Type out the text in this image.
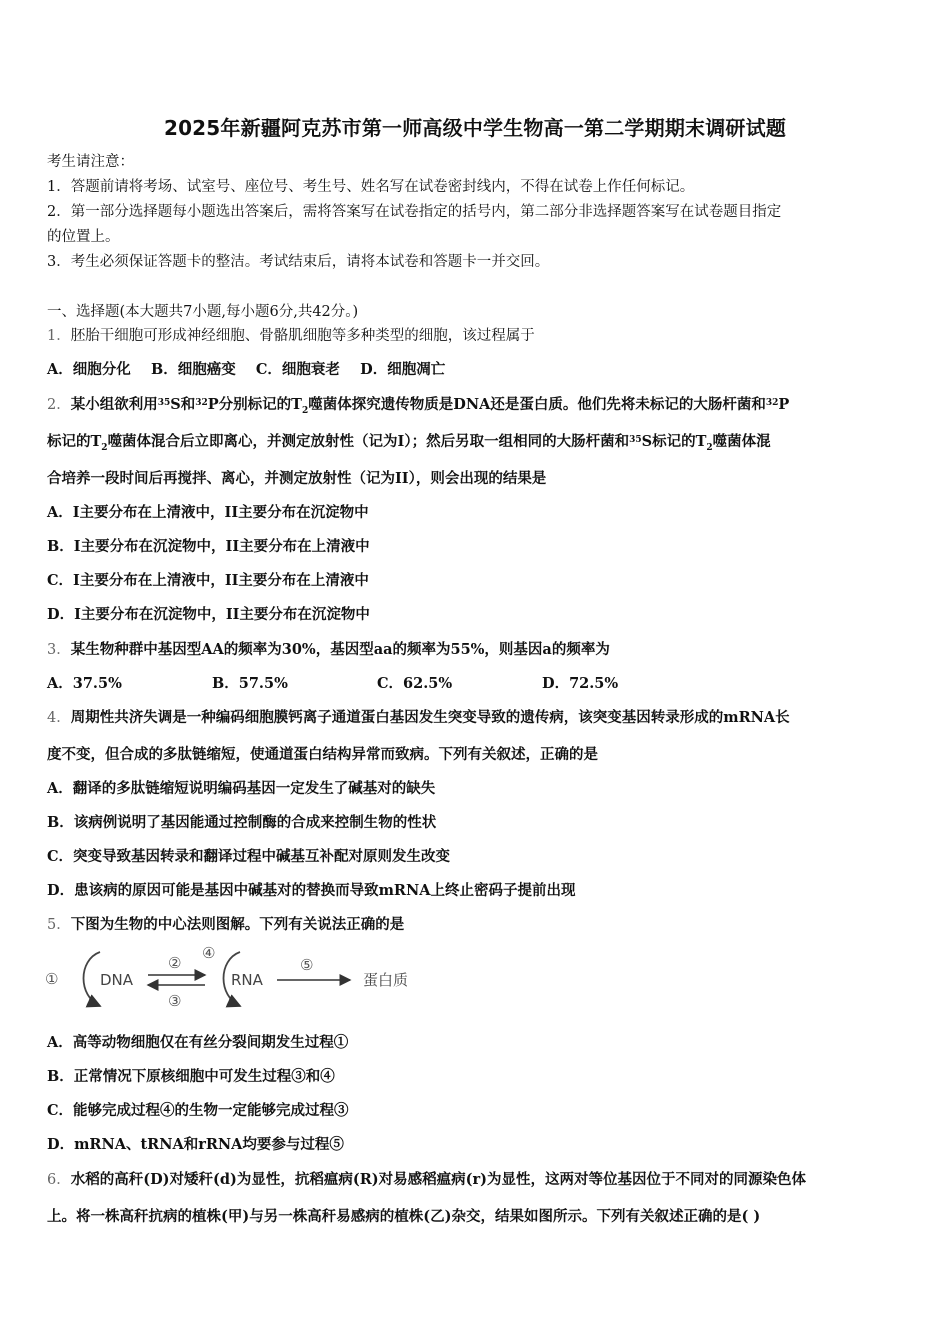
2025年新疆阿克苏市第一师高级中学生物高一第二学期期末调研试题
考生请注意：
1．答题前请将考场、试室号、座位号、考生号、姓名写在试卷密封线内，不得在试卷上作任何标记。
2．第一部分选择题每小题选出答案后，需将答案写在试卷指定的括号内，第二部分非选择题答案写在试卷题目指定
的位置上。
3．考生必须保证答题卡的整洁。考试结束后，请将本试卷和答题卡一并交回。
一、选择题(本大题共7小题,每小题6分,共42分。)
1．胚胎干细胞可形成神经细胞、骨骼肌细胞等多种类型的细胞，该过程属于
A．细胞分化    B．细胞癌变    C．细胞衰老    D．细胞凋亡
2．某小组欲利用$^{35}$S和$^{32}$P分别标记的$T_2$噬菌体探究遗传物质是DNA还是蛋白质。他们先将未标记的大肠杆菌和$^{32}$P
标记的$T_2$噬菌体混合后立即离心，并测定放射性（记为I）；然后另取一组相同的大肠杆菌和$^{35}$S标记的$T_2$噬菌体混
合培养一段时间后再搅拌、离心，并测定放射性（记为II），则会出现的结果是
A．I主要分布在上清液中，II主要分布在沉淀物中
B．I主要分布在沉淀物中，II主要分布在上清液中
C．I主要分布在上清液中，II主要分布在上清液中
D．I主要分布在沉淀物中，II主要分布在沉淀物中
3．某生物种群中基因型AA的频率为30%，基因型aa的频率为55%，则基因a的频率为
A．37.5%	B．57.5%	C．62.5%	D．72.5%
4．周期性共济失调是一种编码细胞膜钙离子通道蛋白基因发生突变导致的遗传病，该突变基因转录形成的mRNA长
度不变，但合成的多肽链缩短，使通道蛋白结构异常而致病。下列有关叙述，正确的是
A．翻译的多肽链缩短说明编码基因一定发生了碱基对的缺失
B．该病例说明了基因能通过控制酶的合成来控制生物的性状
C．突变导致基因转录和翻译过程中碱基互补配对原则发生改变
D．患该病的原因可能是基因中碱基对的替换而导致mRNA上终止密码子提前出现
5．下图为生物的中心法则图解。下列有关说法正确的是
①	DNA
②
③
④
RNA
⑤
蛋白质
A．高等动物细胞仅在有丝分裂间期发生过程①
B．正常情况下原核细胞中可发生过程③和④
C．能够完成过程④的生物一定能够完成过程③
D．mRNA、tRNA和rRNA均要参与过程⑤
6．水稻的高秆(D)对矮秆(d)为显性，抗稻瘟病(R)对易感稻瘟病(r)为显性，这两对等位基因位于不同对的同源染色体
上。将一株高秆抗病的植株(甲)与另一株高秆易感病的植株(乙)杂交，结果如图所示。下列有关叙述正确的是( )
